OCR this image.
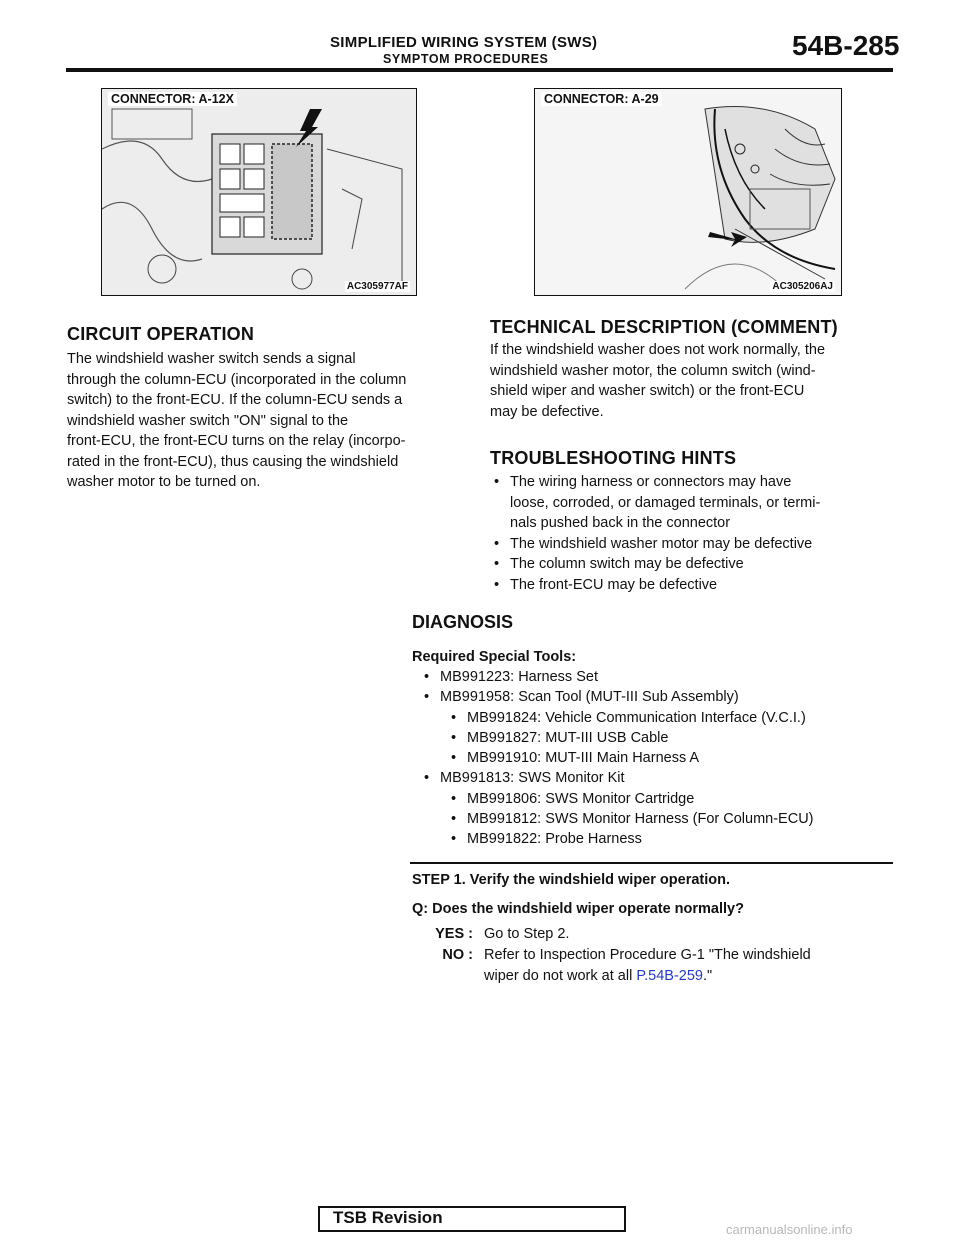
SIMPLIFIED WIRING SYSTEM (SWS)
SYMPTOM PROCEDURES	54B-285
CONNECTOR: A-12X
AC305977AF
CONNECTOR: A-29
AC305206AJ
CIRCUIT OPERATION
The windshield washer switch sends a signal
through the column-ECU (incorporated in the column
switch) to the front-ECU. If the column-ECU sends a
windshield washer switch "ON" signal to the
front-ECU, the front-ECU turns on the relay (incorpo-
rated in the front-ECU), thus causing the windshield
washer motor to be turned on.
TECHNICAL DESCRIPTION (COMMENT)
If the windshield washer does not work normally, the
windshield washer motor, the column switch (wind-
shield wiper and washer switch) or the front-ECU
may be defective.
TROUBLESHOOTING HINTS
• The wiring harness or connectors may have
loose, corroded, or damaged terminals, or termi-
nals pushed back in the connector
• The windshield washer motor may be defective
• The column switch may be defective
• The front-ECU may be defective
DIAGNOSIS
Required Special Tools:
• MB991223: Harness Set
• MB991958: Scan Tool (MUT-III Sub Assembly)
• MB991824: Vehicle Communication Interface (V.C.I.)
• MB991827: MUT-III USB Cable
• MB991910: MUT-III Main Harness A
• MB991813: SWS Monitor Kit
• MB991806: SWS Monitor Cartridge
• MB991812: SWS Monitor Harness (For Column-ECU)
• MB991822: Probe Harness
STEP 1. Verify the windshield wiper operation.
Q: Does the windshield wiper operate normally?
YES : Go to Step 2.
NO : Refer to Inspection Procedure G-1 "The windshield
wiper do not work at all P.54B-259."
TSB Revision
carmanualsonline.info
